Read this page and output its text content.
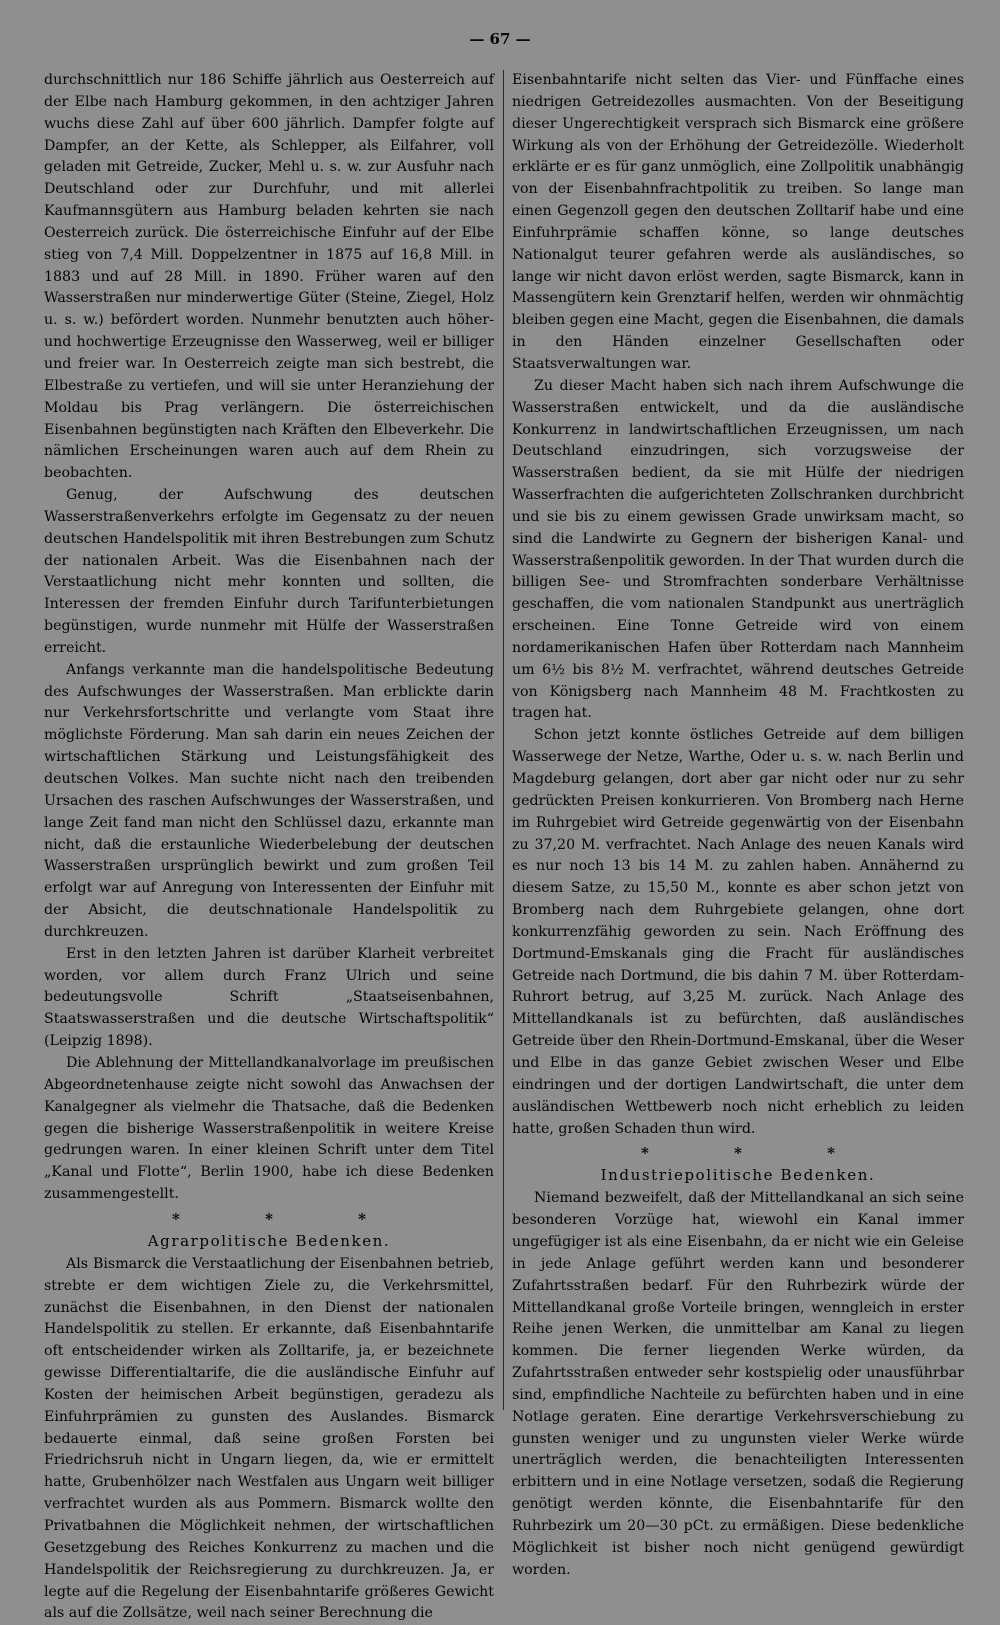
— 67 —

durchschnittlich nur 186 Schiffe jährlich aus Oesterreich auf der Elbe nach Hamburg gekommen, in den achtziger Jahren wuchs diese Zahl auf über 600 jährlich. Dampfer folgte auf Dampfer, an der Kette, als Schlepper, als Eilfahrer, voll geladen mit Getreide, Zucker, Mehl u. s. w. zur Ausfuhr nach Deutschland oder zur Durchfuhr, und mit allerlei Kaufmannsgütern aus Hamburg beladen kehrten sie nach Oesterreich zurück. Die österreichische Einfuhr auf der Elbe stieg von 7,4 Mill. Doppelzentner in 1875 auf 16,8 Mill. in 1883 und auf 28 Mill. in 1890. Früher waren auf den Wasserstraßen nur minderwertige Güter (Steine, Ziegel, Holz u. s. w.) befördert worden. Nunmehr benutzten auch höher- und hochwertige Erzeugnisse den Wasserweg, weil er billiger und freier war. In Oesterreich zeigte man sich bestrebt, die Elbestraße zu vertiefen, und will sie unter Heranziehung der Moldau bis Prag verlängern. Die österreichischen Eisenbahnen begünstigten nach Kräften den Elbeverkehr. Die nämlichen Erscheinungen waren auch auf dem Rhein zu beobachten.

Genug, der Aufschwung des deutschen Wasserstraßenverkehrs erfolgte im Gegensatz zu der neuen deutschen Handelspolitik mit ihren Bestrebungen zum Schutz der nationalen Arbeit. Was die Eisenbahnen nach der Verstaatlichung nicht mehr konnten und sollten, die Interessen der fremden Einfuhr durch Tarifunterbietungen begünstigen, wurde nunmehr mit Hülfe der Wasserstraßen erreicht.

Anfangs verkannte man die handelspolitische Bedeutung des Aufschwunges der Wasserstraßen. Man erblickte darin nur Verkehrsfortschritte und verlangte vom Staat ihre möglichste Förderung. Man sah darin ein neues Zeichen der wirtschaftlichen Stärkung und Leistungsfähigkeit des deutschen Volkes. Man suchte nicht nach den treibenden Ursachen des raschen Aufschwunges der Wasserstraßen, und lange Zeit fand man nicht den Schlüssel dazu, erkannte man nicht, daß die erstaunliche Wiederbelebung der deutschen Wasserstraßen ursprünglich bewirkt und zum großen Teil erfolgt war auf Anregung von Interessenten der Einfuhr mit der Absicht, die deutschnationale Handelspolitik zu durchkreuzen.

Erst in den letzten Jahren ist darüber Klarheit verbreitet worden, vor allem durch Franz Ulrich und seine bedeutungsvolle Schrift „Staatseisenbahnen, Staatswasserstraßen und die deutsche Wirtschaftspolitik“ (Leipzig 1898).

Die Ablehnung der Mittellandkanalvorlage im preußischen Abgeordnetenhause zeigte nicht sowohl das Anwachsen der Kanalgegner als vielmehr die Thatsache, daß die Bedenken gegen die bisherige Wasserstraßenpolitik in weitere Kreise gedrungen waren. In einer kleinen Schrift unter dem Titel „Kanal und Flotte“, Berlin 1900, habe ich diese Bedenken zusammengestellt.

* * *
Agrarpolitische Bedenken.

Als Bismarck die Verstaatlichung der Eisenbahnen betrieb, strebte er dem wichtigen Ziele zu, die Verkehrsmittel, zunächst die Eisenbahnen, in den Dienst der nationalen Handelspolitik zu stellen. Er erkannte, daß Eisenbahntarife oft entscheidender wirken als Zolltarife, ja, er bezeichnete gewisse Differentialtarife, die die ausländische Einfuhr auf Kosten der heimischen Arbeit begünstigen, geradezu als Einfuhrprämien zu gunsten des Auslandes. Bismarck bedauerte einmal, daß seine großen Forsten bei Friedrichsruh nicht in Ungarn liegen, da, wie er ermittelt hatte, Grubenhölzer nach Westfalen aus Ungarn weit billiger verfrachtet wurden als aus Pommern. Bismarck wollte den Privatbahnen die Möglichkeit nehmen, der wirtschaftlichen Gesetzgebung des Reiches Konkurrenz zu machen und die Handelspolitik der Reichsregierung zu durchkreuzen. Ja, er legte auf die Regelung der Eisenbahntarife größeres Gewicht als auf die Zollsätze, weil nach seiner Berechnung die

Eisenbahntarife nicht selten das Vier- und Fünffache eines niedrigen Getreidezolles ausmachten. Von der Beseitigung dieser Ungerechtigkeit versprach sich Bismarck eine größere Wirkung als von der Erhöhung der Getreidezölle. Wiederholt erklärte er es für ganz unmöglich, eine Zollpolitik unabhängig von der Eisenbahnfrachtpolitik zu treiben. So lange man einen Gegenzoll gegen den deutschen Zolltarif habe und eine Einfuhrprämie schaffen könne, so lange deutsches Nationalgut teurer gefahren werde als ausländisches, so lange wir nicht davon erlöst werden, sagte Bismarck, kann in Massengütern kein Grenztarif helfen, werden wir ohnmächtig bleiben gegen eine Macht, gegen die Eisenbahnen, die damals in den Händen einzelner Gesellschaften oder Staatsverwaltungen war.

Zu dieser Macht haben sich nach ihrem Aufschwunge die Wasserstraßen entwickelt, und da die ausländische Konkurrenz in landwirtschaftlichen Erzeugnissen, um nach Deutschland einzudringen, sich vorzugsweise der Wasserstraßen bedient, da sie mit Hülfe der niedrigen Wasserfrachten die aufgerichteten Zollschranken durchbricht und sie bis zu einem gewissen Grade unwirksam macht, so sind die Landwirte zu Gegnern der bisherigen Kanal- und Wasserstraßenpolitik geworden. In der That wurden durch die billigen See- und Stromfrachten sonderbare Verhältnisse geschaffen, die vom nationalen Standpunkt aus unerträglich erscheinen. Eine Tonne Getreide wird von einem nordamerikanischen Hafen über Rotterdam nach Mannheim um 6½ bis 8½ M. verfrachtet, während deutsches Getreide von Königsberg nach Mannheim 48 M. Frachtkosten zu tragen hat.

Schon jetzt konnte östliches Getreide auf dem billigen Wasserwege der Netze, Warthe, Oder u. s. w. nach Berlin und Magdeburg gelangen, dort aber gar nicht oder nur zu sehr gedrückten Preisen konkurrieren. Von Bromberg nach Herne im Ruhrgebiet wird Getreide gegenwärtig von der Eisenbahn zu 37,20 M. verfrachtet. Nach Anlage des neuen Kanals wird es nur noch 13 bis 14 M. zu zahlen haben. Annähernd zu diesem Satze, zu 15,50 M., konnte es aber schon jetzt von Bromberg nach dem Ruhrgebiete gelangen, ohne dort konkurrenzfähig geworden zu sein. Nach Eröffnung des Dortmund-Emskanals ging die Fracht für ausländisches Getreide nach Dortmund, die bis dahin 7 M. über Rotterdam-Ruhrort betrug, auf 3,25 M. zurück. Nach Anlage des Mittellandkanals ist zu befürchten, daß ausländisches Getreide über den Rhein-Dortmund-Emskanal, über die Weser und Elbe in das ganze Gebiet zwischen Weser und Elbe eindringen und der dortigen Landwirtschaft, die unter dem ausländischen Wettbewerb noch nicht erheblich zu leiden hatte, großen Schaden thun wird.

* * *
Industriepolitische Bedenken.

Niemand bezweifelt, daß der Mittellandkanal an sich seine besonderen Vorzüge hat, wiewohl ein Kanal immer ungefügiger ist als eine Eisenbahn, da er nicht wie ein Geleise in jede Anlage geführt werden kann und besonderer Zufahrtsstraßen bedarf. Für den Ruhrbezirk würde der Mittellandkanal große Vorteile bringen, wenngleich in erster Reihe jenen Werken, die unmittelbar am Kanal zu liegen kommen. Die ferner liegenden Werke würden, da Zufahrtsstraßen entweder sehr kostspielig oder unausführbar sind, empfindliche Nachteile zu befürchten haben und in eine Notlage geraten. Eine derartige Verkehrsverschiebung zu gunsten weniger und zu ungunsten vieler Werke würde unerträglich werden, die benachteiligten Interessenten erbittern und in eine Notlage versetzen, sodaß die Regierung genötigt werden könnte, die Eisenbahntarife für den Ruhrbezirk um 20—30 pCt. zu ermäßigen. Diese bedenkliche Möglichkeit ist bisher noch nicht genügend gewürdigt worden.
